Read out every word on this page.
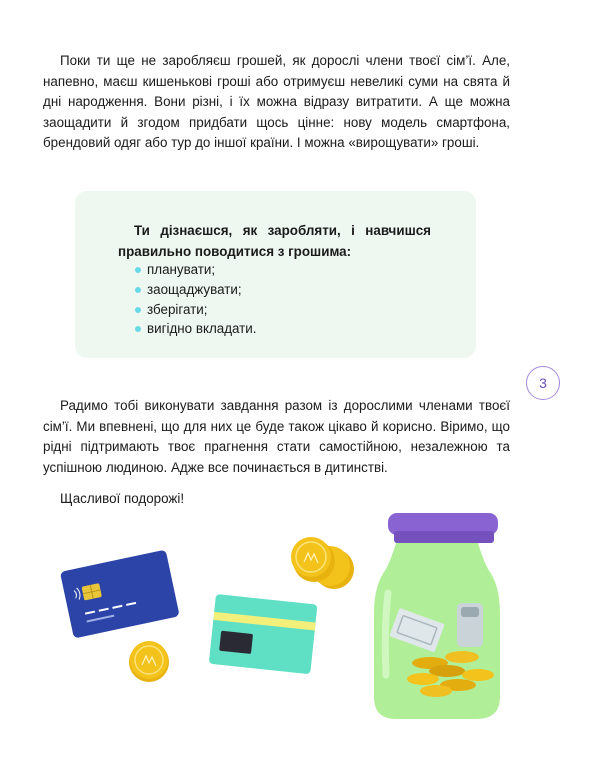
Поки ти ще не заробляєш грошей, як дорослі члени твоєї сім’ї. Але, напевно, маєш кишенькові гроші або отримуєш невеликі суми на свята й дні народження. Вони різні, і їх можна відразу витратити. А ще можна заощадити й згодом придбати щось цінне: нову модель смартфона, брендовий одяг або тур до іншої країни. І можна «вирощувати» гроші.

Ти дізнаєшся, як заробляти, і навчишся правильно поводитися з грошима:

планувати;
заощаджувати;
зберігати;
вигідно вкладати.
3

Радимо тобі виконувати завдання разом із дорослими членами твоєї сім’ї. Ми впевнені, що для них це буде також цікаво й корисно. Віримо, що рідні підтримають твоє прагнення стати самостійною, незалежною та успішною людиною. Адже все починається в дитинстві.

Щасливої подорожі!
